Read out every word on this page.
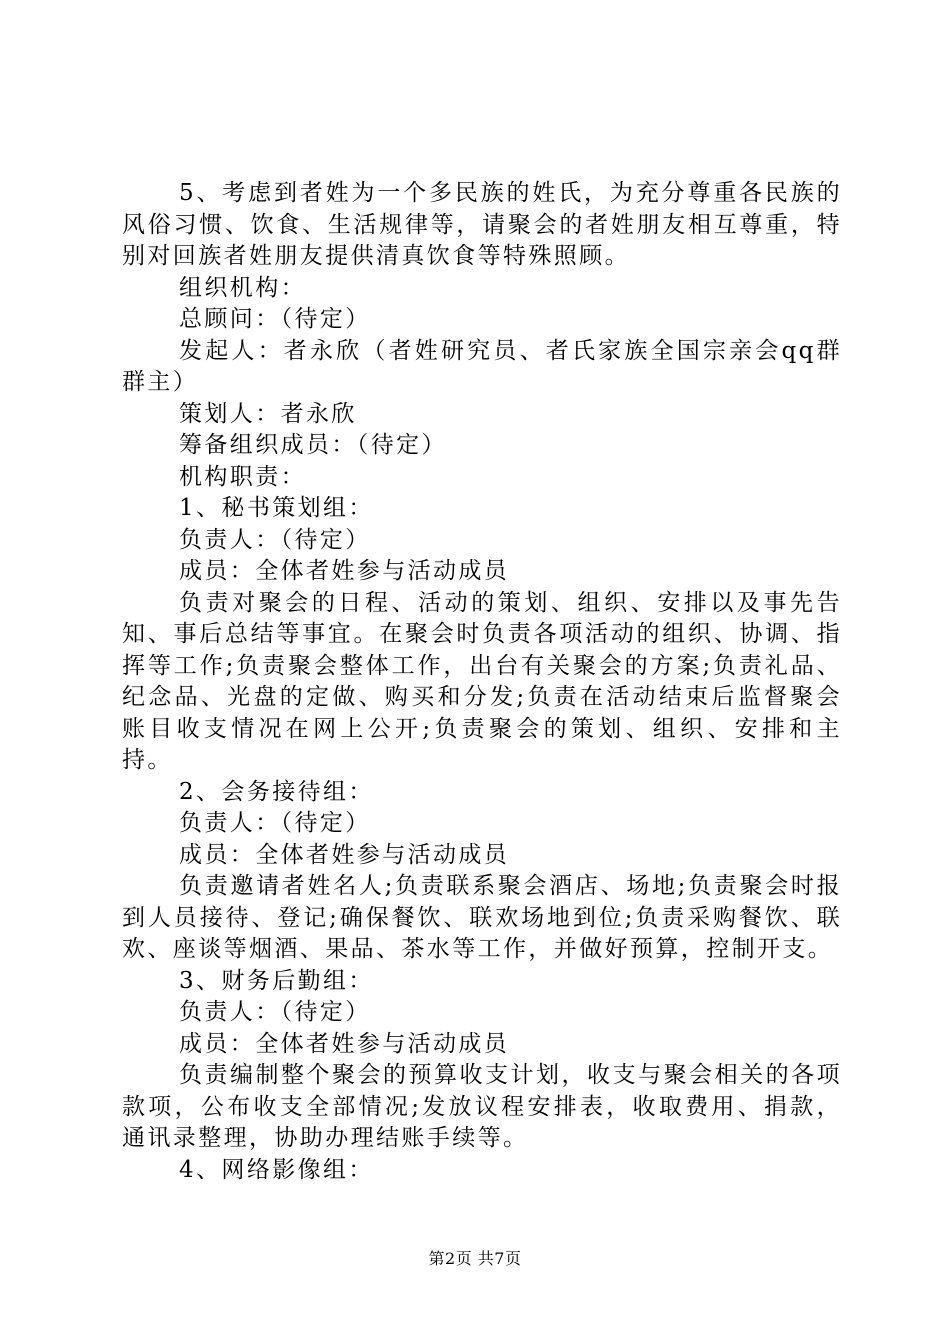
5、考虑到者姓为一个多民族的姓氏，为充分尊重各民族的风俗习惯、饮食、生活规律等，请聚会的者姓朋友相互尊重，特别对回族者姓朋友提供清真饮食等特殊照顾。

组织机构：

总顾问：（待定）

发起人：者永欣（者姓研究员、者氏家族全国宗亲会qq群群主）

策划人：者永欣

筹备组织成员：（待定）

机构职责：

1、秘书策划组：

负责人：（待定）

成员：全体者姓参与活动成员

负责对聚会的日程、活动的策划、组织、安排以及事先告知、事后总结等事宜。在聚会时负责各项活动的组织、协调、指挥等工作;负责聚会整体工作，出台有关聚会的方案;负责礼品、纪念品、光盘的定做、购买和分发;负责在活动结束后监督聚会账目收支情况在网上公开;负责聚会的策划、组织、安排和主持。

2、会务接待组：

负责人：（待定）

成员：全体者姓参与活动成员

负责邀请者姓名人;负责联系聚会酒店、场地;负责聚会时报到人员接待、登记;确保餐饮、联欢场地到位;负责采购餐饮、联欢、座谈等烟酒、果品、茶水等工作，并做好预算，控制开支。

3、财务后勤组：

负责人：（待定）

成员：全体者姓参与活动成员

负责编制整个聚会的预算收支计划，收支与聚会相关的各项款项，公布收支全部情况;发放议程安排表，收取费用、捐款，通讯录整理，协助办理结账手续等。

4、网络影像组：

第2页 共7页
